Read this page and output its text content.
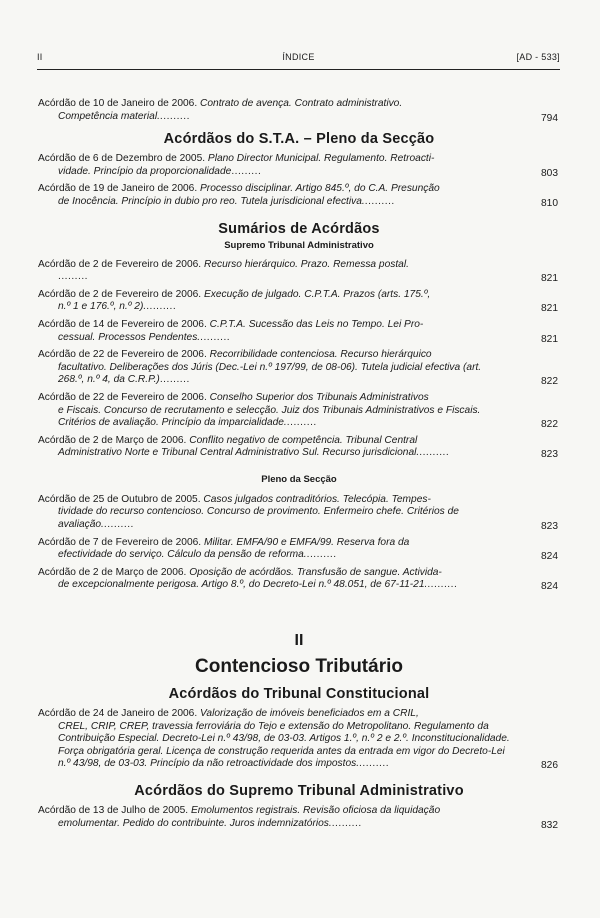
II	ÍNDICE	[AD - 533]
Acórdão de 10 de Janeiro de 2006. Contrato de avença. Contrato administrativo.
Competência material..........	794
Acórdãos do S.T.A. – Pleno da Secção
Acórdão de 6 de Dezembro de 2005. Plano Director Municipal. Regulamento. Retroacti-
vidade. Princípio da proporcionalidade.........	803
Acórdão de 19 de Janeiro de 2006. Processo disciplinar. Artigo 845.º, do C.A. Presunção
de Inocência. Princípio in dubio pro reo. Tutela jurisdicional efectiva..........	810
Sumários de Acórdãos
Supremo Tribunal Administrativo
Acórdão de 2 de Fevereiro de 2006. Recurso hierárquico. Prazo. Remessa postal.
.........	821
Acórdão de 2 de Fevereiro de 2006. Execução de julgado. C.P.T.A. Prazos (arts. 175.º,
n.º 1 e 176.º, n.º 2)..........	821
Acórdão de 14 de Fevereiro de 2006. C.P.T.A. Sucessão das Leis no Tempo. Lei Pro-
cessual. Processos Pendentes..........	821
Acórdão de 22 de Fevereiro de 2006. Recorribilidade contenciosa. Recurso hierárquico
facultativo. Deliberações dos Júris (Dec.-Lei n.º 197/99, de 08-06). Tutela judicial efectiva (art. 268.º, n.º 4, da C.R.P.).........	822
Acórdão de 22 de Fevereiro de 2006. Conselho Superior dos Tribunais Administrativos
e Fiscais. Concurso de recrutamento e selecção. Juiz dos Tribunais Administrativos e Fiscais. Critérios de avaliação. Princípio da imparcialidade..........	822
Acórdão de 2 de Março de 2006. Conflito negativo de competência. Tribunal Central
Administrativo Norte e Tribunal Central Administrativo Sul. Recurso jurisdicional..........	823
Pleno da Secção
Acórdão de 25 de Outubro de 2005. Casos julgados contraditórios. Telecópia. Tempes-
tividade do recurso contencioso. Concurso de provimento. Enfermeiro chefe. Critérios de avaliação..........	823
Acórdão de 7 de Fevereiro de 2006. Militar. EMFA/90 e EMFA/99. Reserva fora da
efectividade do serviço. Cálculo da pensão de reforma..........	824
Acórdão de 2 de Março de 2006. Oposição de acórdãos. Transfusão de sangue. Activida-
de excepcionalmente perigosa. Artigo 8.º, do Decreto-Lei n.º 48.051, de 67-11-21..........	824
II
Contencioso Tributário
Acórdãos do Tribunal Constitucional
Acórdão de 24 de Janeiro de 2006. Valorização de imóveis beneficiados em a CRIL,
CREL, CRIP, CREP, travessia ferroviária do Tejo e extensão do Metropolitano. Regulamento da Contribuição Especial. Decreto-Lei n.º 43/98, de 03-03. Artigos 1.º, n.º 2 e 2.º. Inconstitucionalidade. Força obrigatória geral. Licença de construção requerida antes da entrada em vigor do Decreto-Lei n.º 43/98, de 03-03. Princípio da não retroactividade dos impostos..........	826
Acórdãos do Supremo Tribunal Administrativo
Acórdão de 13 de Julho de 2005. Emolumentos registrais. Revisão oficiosa da liquidação
emolumentar. Pedido do contribuinte. Juros indemnizatórios..........	832
